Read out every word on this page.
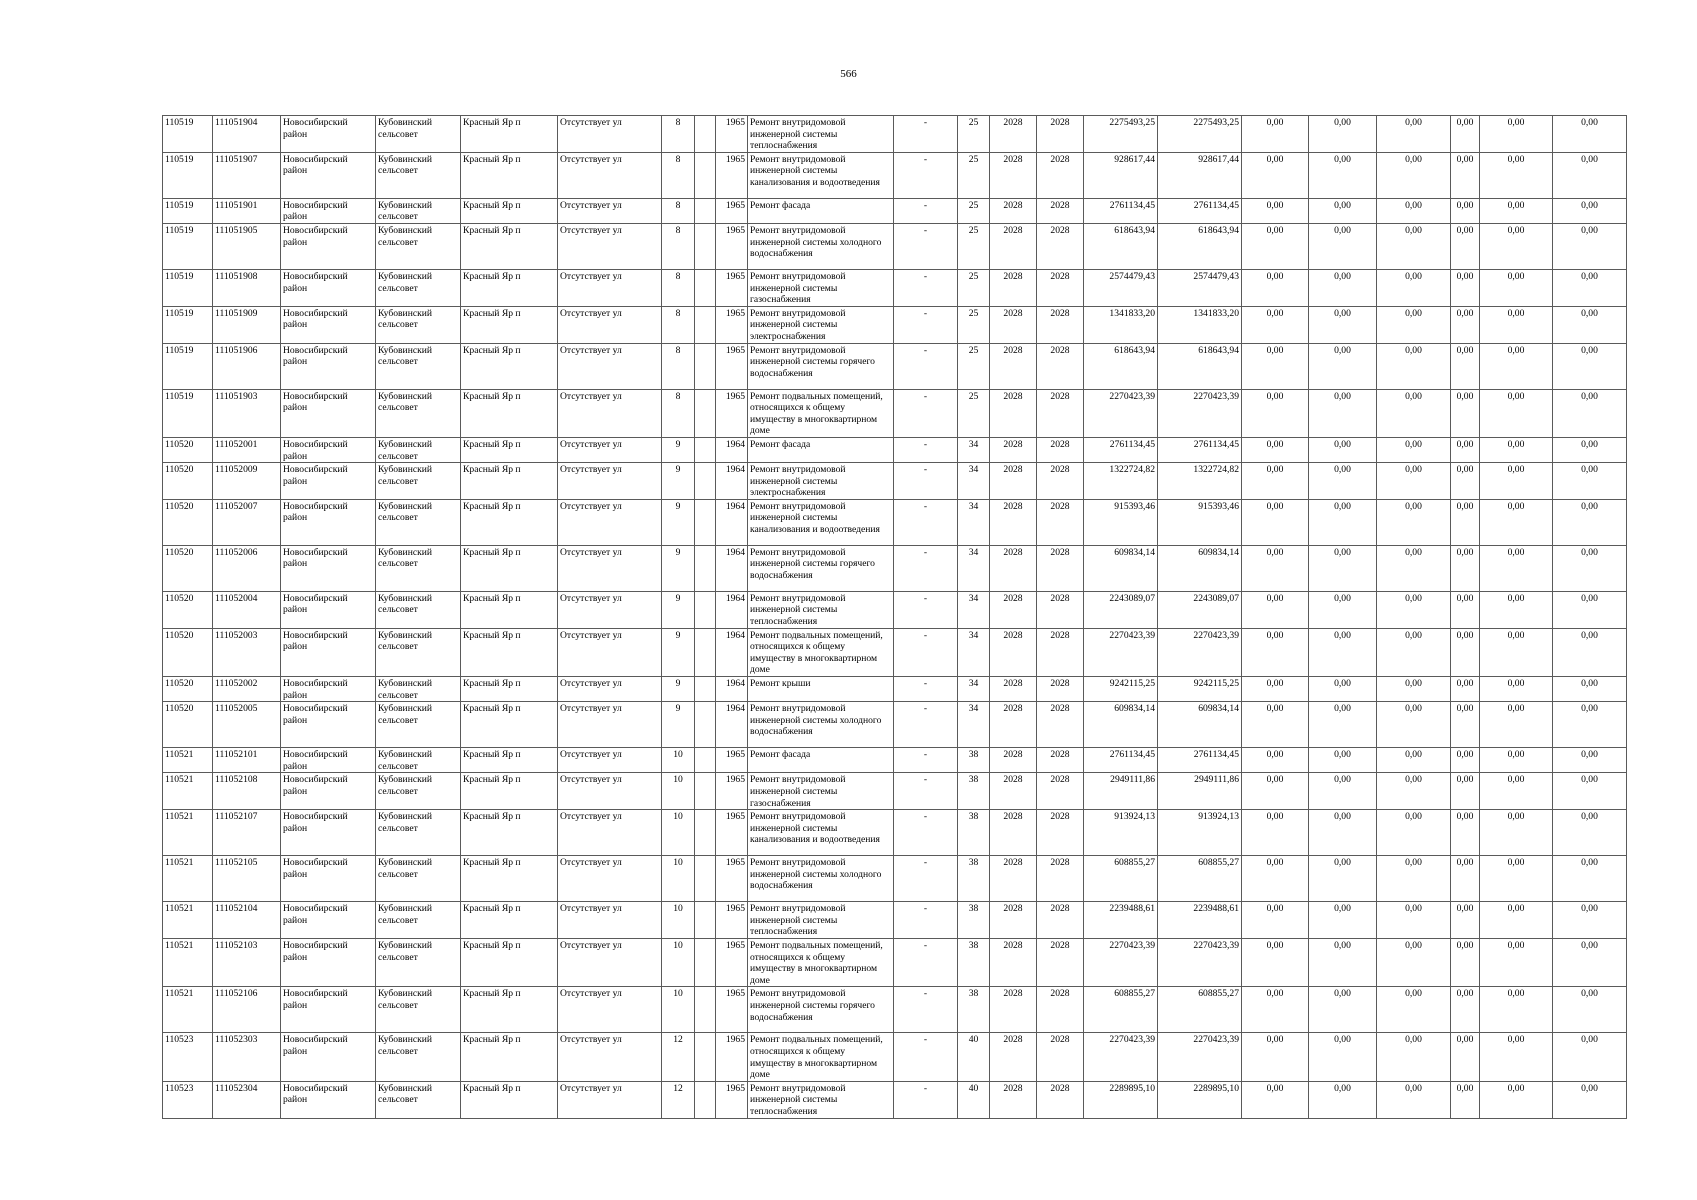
566
110519	111051904	Новосибирский район	Кубовинский сельсовет	Красный Яр п	Отсутствует ул	8		1965	Ремонт внутридомовой инженерной системы теплоснабжения	-	25	2028	2028	2275493,25	2275493,25	0,00	0,00	0,00	0,00	0,00	0,00
110519	111051907	Новосибирский район	Кубовинский сельсовет	Красный Яр п	Отсутствует ул	8		1965	Ремонт внутридомовой инженерной системы канализования и водоотведения	-	25	2028	2028	928617,44	928617,44	0,00	0,00	0,00	0,00	0,00	0,00
110519	111051901	Новосибирский район	Кубовинский сельсовет	Красный Яр п	Отсутствует ул	8		1965	Ремонт фасада	-	25	2028	2028	2761134,45	2761134,45	0,00	0,00	0,00	0,00	0,00	0,00
110519	111051905	Новосибирский район	Кубовинский сельсовет	Красный Яр п	Отсутствует ул	8		1965	Ремонт внутридомовой инженерной системы холодного водоснабжения	-	25	2028	2028	618643,94	618643,94	0,00	0,00	0,00	0,00	0,00	0,00
110519	111051908	Новосибирский район	Кубовинский сельсовет	Красный Яр п	Отсутствует ул	8		1965	Ремонт внутридомовой инженерной системы газоснабжения	-	25	2028	2028	2574479,43	2574479,43	0,00	0,00	0,00	0,00	0,00	0,00
110519	111051909	Новосибирский район	Кубовинский сельсовет	Красный Яр п	Отсутствует ул	8		1965	Ремонт внутридомовой инженерной системы электроснабжения	-	25	2028	2028	1341833,20	1341833,20	0,00	0,00	0,00	0,00	0,00	0,00
110519	111051906	Новосибирский район	Кубовинский сельсовет	Красный Яр п	Отсутствует ул	8		1965	Ремонт внутридомовой инженерной системы горячего водоснабжения	-	25	2028	2028	618643,94	618643,94	0,00	0,00	0,00	0,00	0,00	0,00
110519	111051903	Новосибирский район	Кубовинский сельсовет	Красный Яр п	Отсутствует ул	8		1965	Ремонт подвальных помещений, относящихся к общему имуществу в многоквартирном доме	-	25	2028	2028	2270423,39	2270423,39	0,00	0,00	0,00	0,00	0,00	0,00
110520	111052001	Новосибирский район	Кубовинский сельсовет	Красный Яр п	Отсутствует ул	9		1964	Ремонт фасада	-	34	2028	2028	2761134,45	2761134,45	0,00	0,00	0,00	0,00	0,00	0,00
110520	111052009	Новосибирский район	Кубовинский сельсовет	Красный Яр п	Отсутствует ул	9		1964	Ремонт внутридомовой инженерной системы электроснабжения	-	34	2028	2028	1322724,82	1322724,82	0,00	0,00	0,00	0,00	0,00	0,00
110520	111052007	Новосибирский район	Кубовинский сельсовет	Красный Яр п	Отсутствует ул	9		1964	Ремонт внутридомовой инженерной системы канализования и водоотведения	-	34	2028	2028	915393,46	915393,46	0,00	0,00	0,00	0,00	0,00	0,00
110520	111052006	Новосибирский район	Кубовинский сельсовет	Красный Яр п	Отсутствует ул	9		1964	Ремонт внутридомовой инженерной системы горячего водоснабжения	-	34	2028	2028	609834,14	609834,14	0,00	0,00	0,00	0,00	0,00	0,00
110520	111052004	Новосибирский район	Кубовинский сельсовет	Красный Яр п	Отсутствует ул	9		1964	Ремонт внутридомовой инженерной системы теплоснабжения	-	34	2028	2028	2243089,07	2243089,07	0,00	0,00	0,00	0,00	0,00	0,00
110520	111052003	Новосибирский район	Кубовинский сельсовет	Красный Яр п	Отсутствует ул	9		1964	Ремонт подвальных помещений, относящихся к общему имуществу в многоквартирном доме	-	34	2028	2028	2270423,39	2270423,39	0,00	0,00	0,00	0,00	0,00	0,00
110520	111052002	Новосибирский район	Кубовинский сельсовет	Красный Яр п	Отсутствует ул	9		1964	Ремонт крыши	-	34	2028	2028	9242115,25	9242115,25	0,00	0,00	0,00	0,00	0,00	0,00
110520	111052005	Новосибирский район	Кубовинский сельсовет	Красный Яр п	Отсутствует ул	9		1964	Ремонт внутридомовой инженерной системы холодного водоснабжения	-	34	2028	2028	609834,14	609834,14	0,00	0,00	0,00	0,00	0,00	0,00
110521	111052101	Новосибирский район	Кубовинский сельсовет	Красный Яр п	Отсутствует ул	10		1965	Ремонт фасада	-	38	2028	2028	2761134,45	2761134,45	0,00	0,00	0,00	0,00	0,00	0,00
110521	111052108	Новосибирский район	Кубовинский сельсовет	Красный Яр п	Отсутствует ул	10		1965	Ремонт внутридомовой инженерной системы газоснабжения	-	38	2028	2028	2949111,86	2949111,86	0,00	0,00	0,00	0,00	0,00	0,00
110521	111052107	Новосибирский район	Кубовинский сельсовет	Красный Яр п	Отсутствует ул	10		1965	Ремонт внутридомовой инженерной системы канализования и водоотведения	-	38	2028	2028	913924,13	913924,13	0,00	0,00	0,00	0,00	0,00	0,00
110521	111052105	Новосибирский район	Кубовинский сельсовет	Красный Яр п	Отсутствует ул	10		1965	Ремонт внутридомовой инженерной системы холодного водоснабжения	-	38	2028	2028	608855,27	608855,27	0,00	0,00	0,00	0,00	0,00	0,00
110521	111052104	Новосибирский район	Кубовинский сельсовет	Красный Яр п	Отсутствует ул	10		1965	Ремонт внутридомовой инженерной системы теплоснабжения	-	38	2028	2028	2239488,61	2239488,61	0,00	0,00	0,00	0,00	0,00	0,00
110521	111052103	Новосибирский район	Кубовинский сельсовет	Красный Яр п	Отсутствует ул	10		1965	Ремонт подвальных помещений, относящихся к общему имуществу в многоквартирном доме	-	38	2028	2028	2270423,39	2270423,39	0,00	0,00	0,00	0,00	0,00	0,00
110521	111052106	Новосибирский район	Кубовинский сельсовет	Красный Яр п	Отсутствует ул	10		1965	Ремонт внутридомовой инженерной системы горячего водоснабжения	-	38	2028	2028	608855,27	608855,27	0,00	0,00	0,00	0,00	0,00	0,00
110523	111052303	Новосибирский район	Кубовинский сельсовет	Красный Яр п	Отсутствует ул	12		1965	Ремонт подвальных помещений, относящихся к общему имуществу в многоквартирном доме	-	40	2028	2028	2270423,39	2270423,39	0,00	0,00	0,00	0,00	0,00	0,00
110523	111052304	Новосибирский район	Кубовинский сельсовет	Красный Яр п	Отсутствует ул	12		1965	Ремонт внутридомовой инженерной системы теплоснабжения	-	40	2028	2028	2289895,10	2289895,10	0,00	0,00	0,00	0,00	0,00	0,00
